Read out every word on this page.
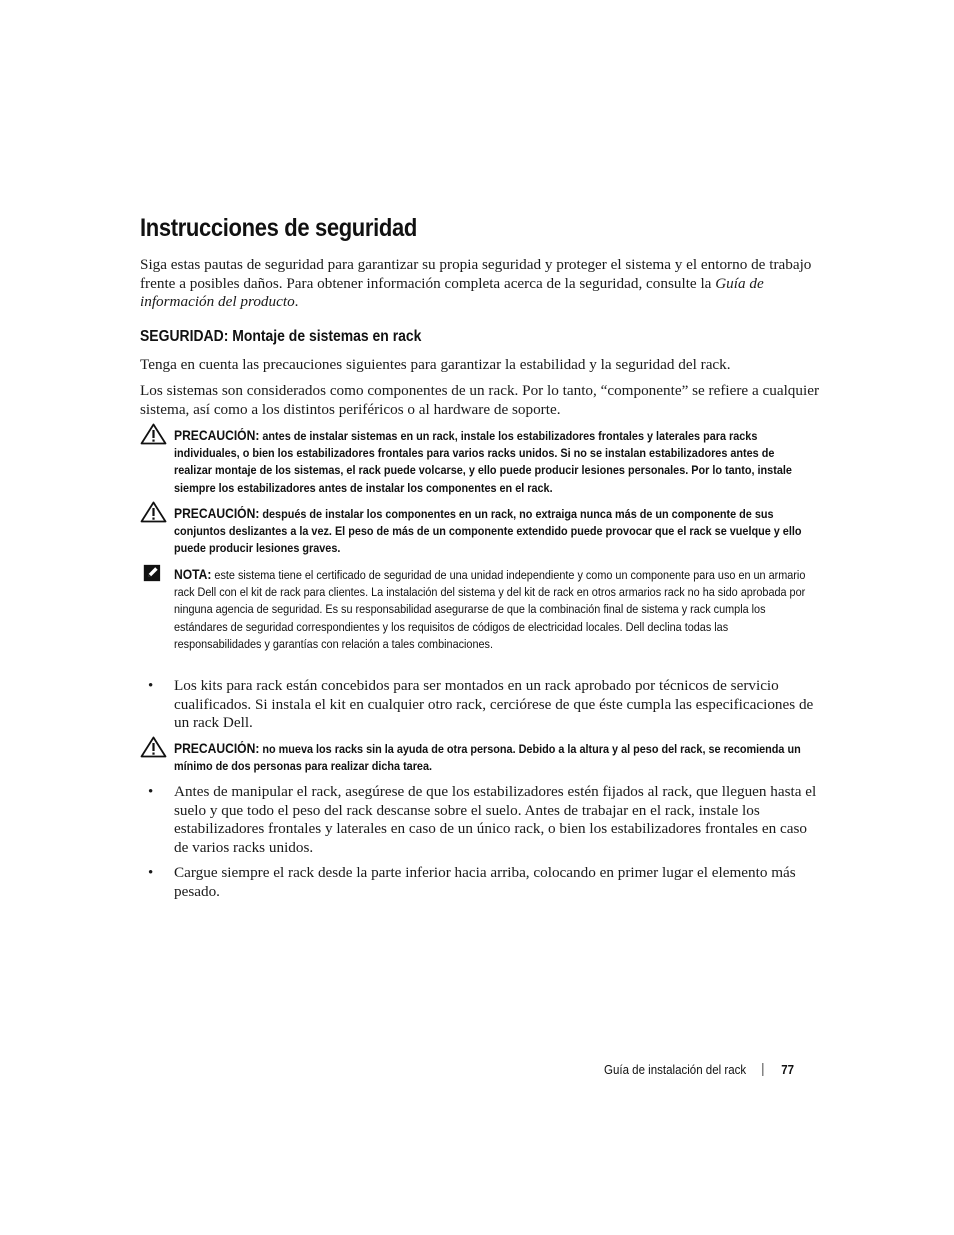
Instrucciones de seguridad

Siga estas pautas de seguridad para garantizar su propia seguridad y proteger el sistema y el entorno de trabajo frente a posibles daños. Para obtener información completa acerca de la seguridad, consulte la Guía de información del producto.

SEGURIDAD: Montaje de sistemas en rack

Tenga en cuenta las precauciones siguientes para garantizar la estabilidad y la seguridad del rack.

Los sistemas son considerados como componentes de un rack. Por lo tanto, “componente” se refiere a cualquier sistema, así como a los distintos periféricos o al hardware de soporte.

PRECAUCIÓN: antes de instalar sistemas en un rack, instale los estabilizadores frontales y laterales para racks individuales, o bien los estabilizadores frontales para varios racks unidos. Si no se instalan estabilizadores antes de realizar montaje de los sistemas, el rack puede volcarse, y ello puede producir lesiones personales. Por lo tanto, instale siempre los estabilizadores antes de instalar los componentes en el rack.
PRECAUCIÓN: después de instalar los componentes en un rack, no extraiga nunca más de un componente de sus conjuntos deslizantes a la vez. El peso de más de un componente extendido puede provocar que el rack se vuelque y ello puede producir lesiones graves.
NOTA: este sistema tiene el certificado de seguridad de una unidad independiente y como un componente para uso en un armario rack Dell con el kit de rack para clientes. La instalación del sistema y del kit de rack en otros armarios rack no ha sido aprobada por ninguna agencia de seguridad. Es su responsabilidad asegurarse de que la combinación final de sistema y rack cumpla los estándares de seguridad correspondientes y los requisitos de códigos de electricidad locales. Dell declina todas las responsabilidades y garantías con relación a tales combinaciones.
• Los kits para rack están concebidos para ser montados en un rack aprobado por técnicos de servicio cualificados. Si instala el kit en cualquier otro rack, cerciórese de que éste cumpla las especificaciones de un rack Dell.
PRECAUCIÓN: no mueva los racks sin la ayuda de otra persona. Debido a la altura y al peso del rack, se recomienda un mínimo de dos personas para realizar dicha tarea.
• Antes de manipular el rack, asegúrese de que los estabilizadores estén fijados al rack, que lleguen hasta el suelo y que todo el peso del rack descanse sobre el suelo. Antes de trabajar en el rack, instale los estabilizadores frontales y laterales en caso de un único rack, o bien los estabilizadores frontales en caso de varios racks unidos.
• Cargue siempre el rack desde la parte inferior hacia arriba, colocando en primer lugar el elemento más pesado.
Guía de instalación del rack	77
